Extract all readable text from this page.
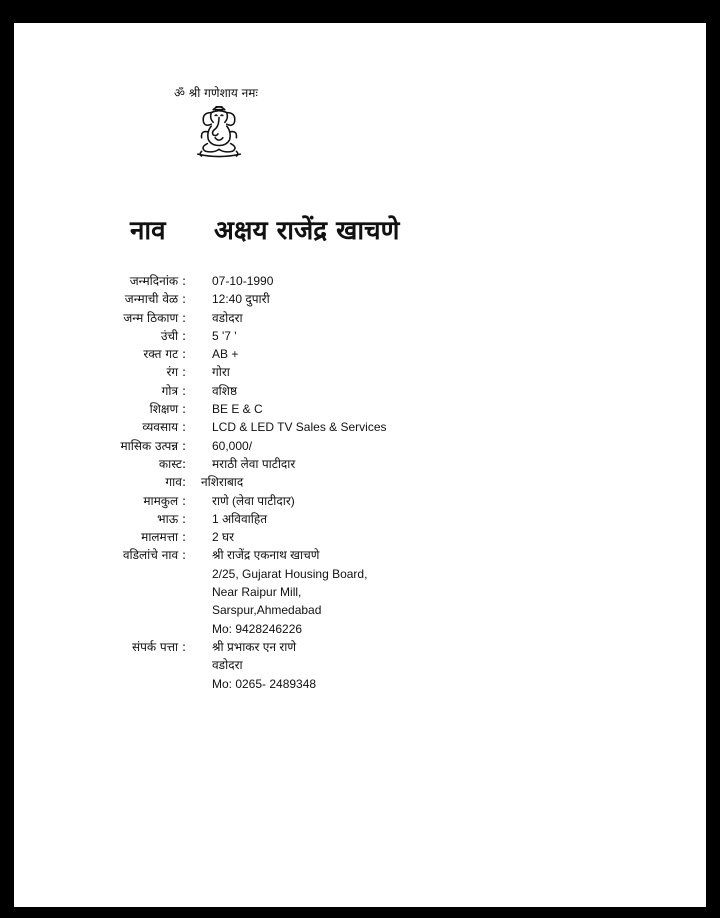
ॐ श्री गणेशाय नमः
नाव अक्षय राजेंद्र खाचणे
जन्मदिनांक : 07-10-1990
जन्माची वेळ : 12:40 दुपारी
जन्म ठिकाण : वडोदरा
उंची : 5 '7 '
रक्त गट : AB +
रंग : गोरा
गोत्र : वशिष्ठ
शिक्षण : BE E & C
व्यवसाय : LCD & LED TV Sales & Services
मासिक उत्पन्न : 60,000/
कास्ट: मराठी लेवा पाटीदार
गाव: नशिराबाद
मामकुल : राणे (लेवा पाटीदार)
भाऊ : 1 अविवाहित
मालमत्ता : 2 घर
वडिलांचे नाव : श्री राजेंद्र एकनाथ खाचणे
2/25, Gujarat Housing Board,
Near Raipur Mill,
Sarspur,Ahmedabad
Mo: 9428246226
संपर्क पत्ता : श्री प्रभाकर एन राणे
वडोदरा
Mo: 0265- 2489348
